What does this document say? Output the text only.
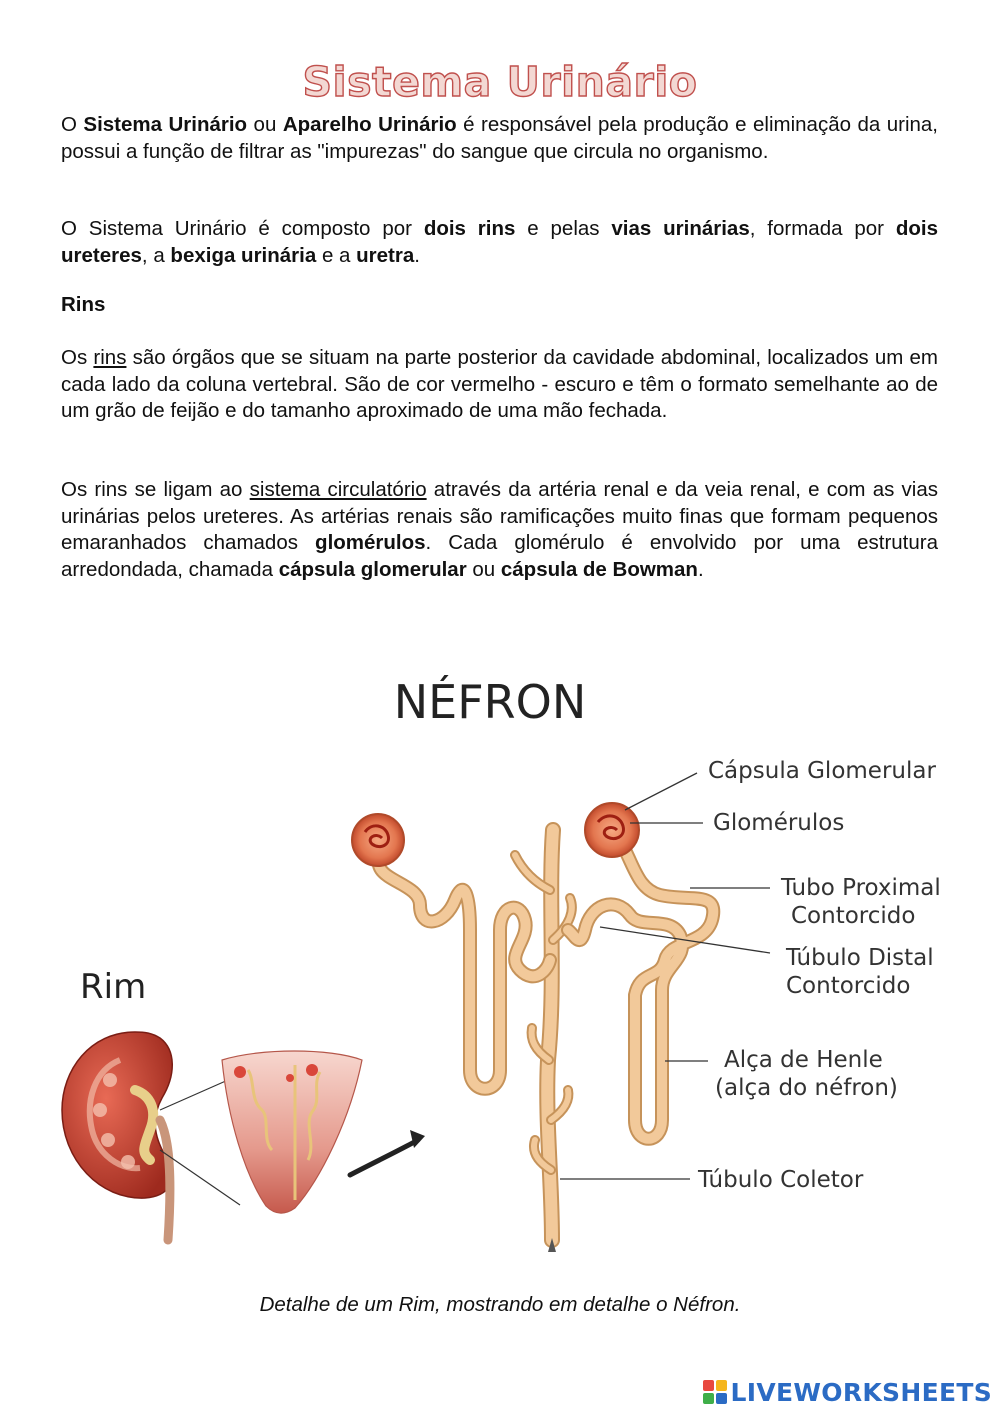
Sistema Urinário

O Sistema Urinário ou Aparelho Urinário é responsável pela produção e eliminação da urina, possui a função de filtrar as "impurezas" do sangue que circula no organismo.

O Sistema Urinário é composto por dois rins e pelas vias urinárias, formada por dois ureteres, a bexiga urinária e a uretra.

Rins

Os rins são órgãos que se situam na parte posterior da cavidade abdominal, localizados um em cada lado da coluna vertebral. São de cor vermelho - escuro e têm o formato semelhante ao de um grão de feijão e do tamanho aproximado de uma mão fechada.

Os rins se ligam ao sistema circulatório através da artéria renal e da veia renal, e com as vias urinárias pelos ureteres. As artérias renais são ramificações muito finas que formam pequenos emaranhados chamados glomérulos. Cada glomérulo é envolvido por uma estrutura arredondada, chamada cápsula glomerular ou cápsula de Bowman.

NÉFRON
Rim
Cápsula Glomerular
Glomérulos
Tubo Proximal
Contorcido
Túbulo Distal
Contorcido
Alça de Henle
(alça do néfron)
Túbulo Coletor

Detalhe de um Rim, mostrando em detalhe o Néfron.

LIVEWORKSHEETS
